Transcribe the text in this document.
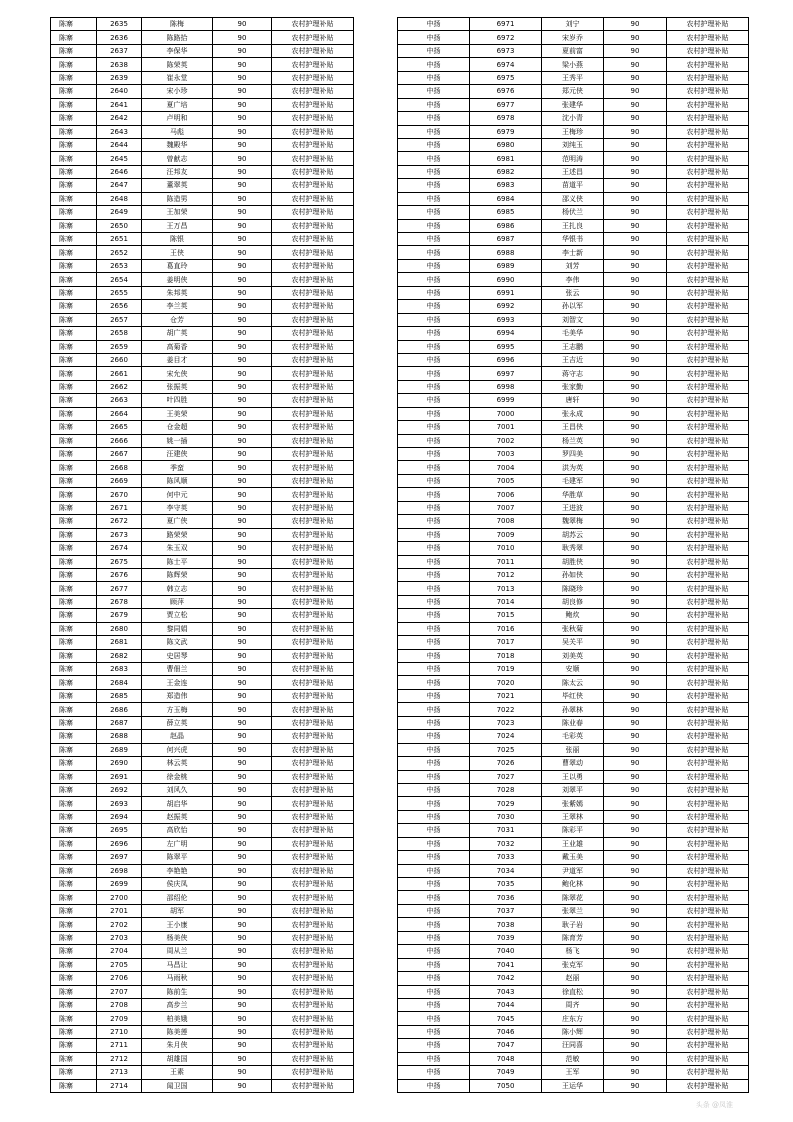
陈寨	2635	陈梅	90	农村护理补贴
陈寨	2636	陈路拾	90	农村护理补贴
陈寨	2637	李保华	90	农村护理补贴
陈寨	2638	陈荣英	90	农村护理补贴
陈寨	2639	崔永堂	90	农村护理补贴
陈寨	2640	宋小珍	90	农村护理补贴
陈寨	2641	夏广培	90	农村护理补贴
陈寨	2642	卢明和	90	农村护理补贴
陈寨	2643	马彪	90	农村护理补贴
陈寨	2644	魏殿华	90	农村护理补贴
陈寨	2645	曾献志	90	农村护理补贴
陈寨	2646	汪邦友	90	农村护理补贴
陈寨	2647	董翠英	90	农村护理补贴
陈寨	2648	陈造男	90	农村护理补贴
陈寨	2649	王加荣	90	农村护理补贴
陈寨	2650	王万昌	90	农村护理补贴
陈寨	2651	陈银	90	农村护理补贴
陈寨	2652	王侠	90	农村护理补贴
陈寨	2653	葛直玲	90	农村护理补贴
陈寨	2654	姜明侠	90	农村护理补贴
陈寨	2655	朱邦英	90	农村护理补贴
陈寨	2656	李兰英	90	农村护理补贴
陈寨	2657	仓芳	90	农村护理补贴
陈寨	2658	胡广英	90	农村护理补贴
陈寨	2659	高菊香	90	农村护理补贴
陈寨	2660	姜目才	90	农村护理补贴
陈寨	2661	宋允侠	90	农村护理补贴
陈寨	2662	张振英	90	农村护理补贴
陈寨	2663	叶四胜	90	农村护理补贴
陈寨	2664	王美荣	90	农村护理补贴
陈寨	2665	仓金超	90	农村护理补贴
陈寨	2666	姚一插	90	农村护理补贴
陈寨	2667	汪建侠	90	农村护理补贴
陈寨	2668	季蛮	90	农村护理补贴
陈寨	2669	陈风顺	90	农村护理补贴
陈寨	2670	何中元	90	农村护理补贴
陈寨	2671	李守英	90	农村护理补贴
陈寨	2672	夏广侠	90	农村护理补贴
陈寨	2673	路荣荣	90	农村护理补贴
陈寨	2674	朱玉双	90	农村护理补贴
陈寨	2675	陈士平	90	农村护理补贴
陈寨	2676	陈辉荣	90	农村护理补贴
陈寨	2677	韩立志	90	农村护理补贴
陈寨	2678	顾萍	90	农村护理补贴
陈寨	2679	贾立松	90	农村护理补贴
陈寨	2680	黎同娟	90	农村护理补贴
陈寨	2681	陈文武	90	农村护理补贴
陈寨	2682	史居琴	90	农村护理补贴
陈寨	2683	曹佃兰	90	农村护理补贴
陈寨	2684	王金连	90	农村护理补贴
陈寨	2685	郑造伟	90	农村护理补贴
陈寨	2686	方玉梅	90	农村护理补贴
陈寨	2687	薛立英	90	农村护理补贴
陈寨	2688	赵晶	90	农村护理补贴
陈寨	2689	何兴虎	90	农村护理补贴
陈寨	2690	林云英	90	农村护理补贴
陈寨	2691	徐金桃	90	农村护理补贴
陈寨	2692	刘风久	90	农村护理补贴
陈寨	2693	胡启华	90	农村护理补贴
陈寨	2694	赵振英	90	农村护理补贴
陈寨	2695	高欣怡	90	农村护理补贴
陈寨	2696	左广明	90	农村护理补贴
陈寨	2697	陈翠平	90	农村护理补贴
陈寨	2698	李艳艳	90	农村护理补贴
陈寨	2699	侯庆凤	90	农村护理补贴
陈寨	2700	邵绍伦	90	农村护理补贴
陈寨	2701	胡军	90	农村护理补贴
陈寨	2702	王小康	90	农村护理补贴
陈寨	2703	杨美侠	90	农村护理补贴
陈寨	2704	周从兰	90	农村护理补贴
陈寨	2705	马昌让	90	农村护理补贴
陈寨	2706	马雨秋	90	农村护理补贴
陈寨	2707	陈前生	90	农村护理补贴
陈寨	2708	高步兰	90	农村护理补贴
陈寨	2709	柏美娥	90	农村护理补贴
陈寨	2710	陈美莲	90	农村护理补贴
陈寨	2711	朱月侠	90	农村护理补贴
陈寨	2712	胡雄国	90	农村护理补贴
陈寨	2713	王素	90	农村护理补贴
陈寨	2714	闻卫国	90	农村护理补贴
中扬	6971	刘宁	90	农村护理补贴
中扬	6972	宋岁乔	90	农村护理补贴
中扬	6973	夏前富	90	农村护理补贴
中扬	6974	梁小燕	90	农村护理补贴
中扬	6975	王秀平	90	农村护理补贴
中扬	6976	郑元侠	90	农村护理补贴
中扬	6977	张建华	90	农村护理补贴
中扬	6978	沈小青	90	农村护理补贴
中扬	6979	王梅珍	90	农村护理补贴
中扬	6980	刘纯玉	90	农村护理补贴
中扬	6981	范明涛	90	农村护理补贴
中扬	6982	王述昌	90	农村护理补贴
中扬	6983	苗道平	90	农村护理补贴
中扬	6984	邵义侠	90	农村护理补贴
中扬	6985	杨伏兰	90	农村护理补贴
中扬	6986	王扎良	90	农村护理补贴
中扬	6987	华银书	90	农村护理补贴
中扬	6988	李士新	90	农村护理补贴
中扬	6989	刘芳	90	农村护理补贴
中扬	6990	李伟	90	农村护理补贴
中扬	6991	张云	90	农村护理补贴
中扬	6992	孙以军	90	农村护理补贴
中扬	6993	刘智文	90	农村护理补贴
中扬	6994	毛美华	90	农村护理补贴
中扬	6995	王志鹏	90	农村护理补贴
中扬	6996	王吉近	90	农村护理补贴
中扬	6997	蒋守志	90	农村护理补贴
中扬	6998	张家勤	90	农村护理补贴
中扬	6999	唐轩	90	农村护理补贴
中扬	7000	张永成	90	农村护理补贴
中扬	7001	王昌侠	90	农村护理补贴
中扬	7002	杨兰英	90	农村护理补贴
中扬	7003	罗四美	90	农村护理补贴
中扬	7004	洪为英	90	农村护理补贴
中扬	7005	毛建军	90	农村护理补贴
中扬	7006	华胜草	90	农村护理补贴
中扬	7007	王进波	90	农村护理补贴
中扬	7008	魏翠梅	90	农村护理补贴
中扬	7009	胡苏云	90	农村护理补贴
中扬	7010	耿秀翠	90	农村护理补贴
中扬	7011	胡胜侠	90	农村护理补贴
中扬	7012	孙如侠	90	农村护理补贴
中扬	7013	陈晓珍	90	农村护理补贴
中扬	7014	胡良修	90	农村护理补贴
中扬	7015	鲍炊	90	农村护理补贴
中扬	7016	张秋菊	90	农村护理补贴
中扬	7017	吴关平	90	农村护理补贴
中扬	7018	刘美英	90	农村护理补贴
中扬	7019	安顺	90	农村护理补贴
中扬	7020	陈太云	90	农村护理补贴
中扬	7021	毕红侠	90	农村护理补贴
中扬	7022	孙翠林	90	农村护理补贴
中扬	7023	陈业春	90	农村护理补贴
中扬	7024	毛彩英	90	农村护理补贴
中扬	7025	张丽	90	农村护理补贴
中扬	7026	曹翠动	90	农村护理补贴
中扬	7027	王以勇	90	农村护理补贴
中扬	7028	刘翠平	90	农村护理补贴
中扬	7029	张紫嫣	90	农村护理补贴
中扬	7030	王翠林	90	农村护理补贴
中扬	7031	陈彩平	90	农村护理补贴
中扬	7032	王业雄	90	农村护理补贴
中扬	7033	戴玉美	90	农村护理补贴
中扬	7034	尹道军	90	农村护理补贴
中扬	7035	鲍化林	90	农村护理补贴
中扬	7036	陈翠花	90	农村护理补贴
中扬	7037	张翠兰	90	农村护理补贴
中扬	7038	耿子岩	90	农村护理补贴
中扬	7039	陈育芳	90	农村护理补贴
中扬	7040	杨飞	90	农村护理补贴
中扬	7041	张克军	90	农村护理补贴
中扬	7042	赵丽	90	农村护理补贴
中扬	7043	徐直松	90	农村护理补贴
中扬	7044	周齐	90	农村护理补贴
中扬	7045	庄东方	90	农村护理补贴
中扬	7046	陈小辉	90	农村护理补贴
中扬	7047	汪同喜	90	农村护理补贴
中扬	7048	范敏	90	农村护理补贴
中扬	7049	王军	90	农村护理补贴
中扬	7050	王运华	90	农村护理补贴
头条 @凤淮
